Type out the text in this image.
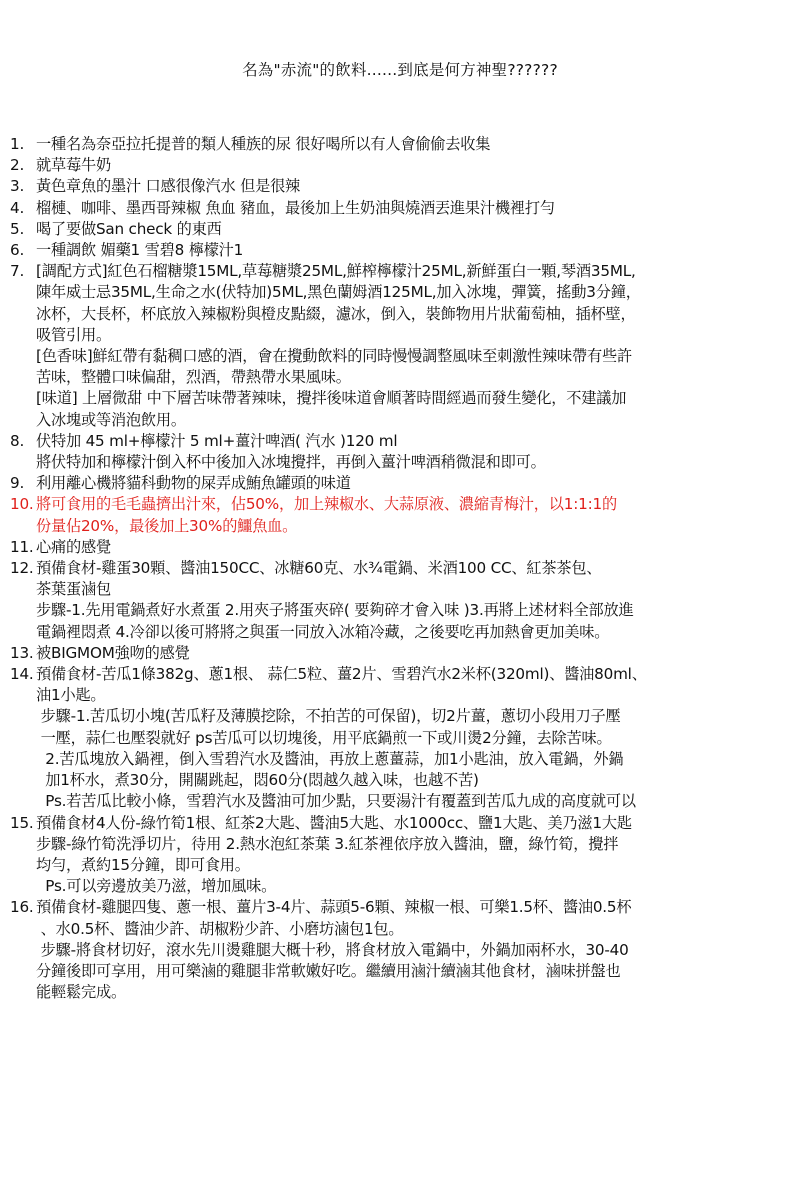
名為"赤流"的飲料......到底是何方神聖??????
1. 一種名為奈亞拉托提普的類人種族的尿 很好喝所以有人會偷偷去收集
2. 就草莓牛奶
3. 黃色章魚的墨汁 口感很像汽水 但是很辣
4. 榴槤、咖啡、墨西哥辣椒 魚血 豬血，最後加上生奶油與燒酒丟進果汁機裡打勻
5. 喝了要做San check 的東西
6. 一種調飲 媚藥1 雪碧8 檸檬汁1
7. [調配方式]紅色石榴糖漿15ML,草莓糖漿25ML,鮮榨檸檬汁25ML,新鮮蛋白一顆,琴酒35ML,
陳年威士忌35ML,生命之水(伏特加)5ML,黑色蘭姆酒125ML,加入冰塊，彈簧，搖動3分鐘，
冰杯，大長杯，杯底放入辣椒粉與橙皮點綴，濾冰，倒入，裝飾物用片狀葡萄柚，插杯壁，
吸管引用。
[色香味]鮮紅帶有黏稠口感的酒，會在攪動飲料的同時慢慢調整風味至刺激性辣味帶有些許
苦味，整體口味偏甜，烈酒，帶熱帶水果風味。
[味道] 上層微甜 中下層苦味帶著辣味，攪拌後味道會順著時間經過而發生變化，不建議加
入冰塊或等消泡飲用。
8. 伏特加 45 ml+檸檬汁 5 ml+薑汁啤酒( 汽水 )120 ml
將伏特加和檸檬汁倒入杯中後加入冰塊攪拌，再倒入薑汁啤酒稍微混和即可。
9. 利用離心機將貓科動物的屎弄成鮪魚罐頭的味道
10. 將可食用的毛毛蟲擠出汁來，佔50%，加上辣椒水、大蒜原液、濃縮青梅汁，以1:1:1的
份量佔20%，最後加上30%的鱷魚血。
11. 心痛的感覺
12. 預備食材-雞蛋30顆、醬油150CC、冰糖60克、水¾電鍋、米酒100 CC、紅茶茶包、
茶葉蛋滷包
步驟-1.先用電鍋煮好水煮蛋 2.用夾子將蛋夾碎( 要夠碎才會入味 )3.再將上述材料全部放進
電鍋裡悶煮 4.冷卻以後可將將之與蛋一同放入冰箱冷藏，之後要吃再加熱會更加美味。
13. 被BIGMOM強吻的感覺
14. 預備食材-苦瓜1條382g、蔥1根、 蒜仁5粒、薑2片、雪碧汽水2米杯(320ml)、醬油80ml、
油1小匙。
步驟-1.苦瓜切小塊(苦瓜籽及薄膜挖除，不拍苦的可保留)，切2片薑，蔥切小段用刀子壓
一壓，蒜仁也壓裂就好 ps苦瓜可以切塊後，用平底鍋煎一下或川燙2分鐘，去除苦味。
2.苦瓜塊放入鍋裡，倒入雪碧汽水及醬油，再放上蔥薑蒜，加1小匙油，放入電鍋，外鍋
加1杯水，煮30分，開關跳起，悶60分(悶越久越入味，也越不苦)
Ps.若苦瓜比較小條，雪碧汽水及醬油可加少點，只要湯汁有覆蓋到苦瓜九成的高度就可以
15. 預備食材4人份-綠竹筍1根、紅茶2大匙、醬油5大匙、水1000cc、鹽1大匙、美乃滋1大匙
步驟-綠竹筍洗淨切片，待用 2.熱水泡紅茶葉 3.紅茶裡依序放入醬油，鹽，綠竹筍，攪拌
均勻，煮約15分鐘，即可食用。
Ps.可以旁邊放美乃滋，增加風味。
16. 預備食材-雞腿四隻、蔥一根、薑片3-4片、蒜頭5-6顆、辣椒一根、可樂1.5杯、醬油0.5杯
、水0.5杯、醬油少許、胡椒粉少許、小磨坊滷包1包。
步驟-將食材切好，滾水先川燙雞腿大概十秒，將食材放入電鍋中，外鍋加兩杯水，30-40
分鐘後即可享用，用可樂滷的雞腿非常軟嫩好吃。繼續用滷汁續滷其他食材，滷味拼盤也
能輕鬆完成。
